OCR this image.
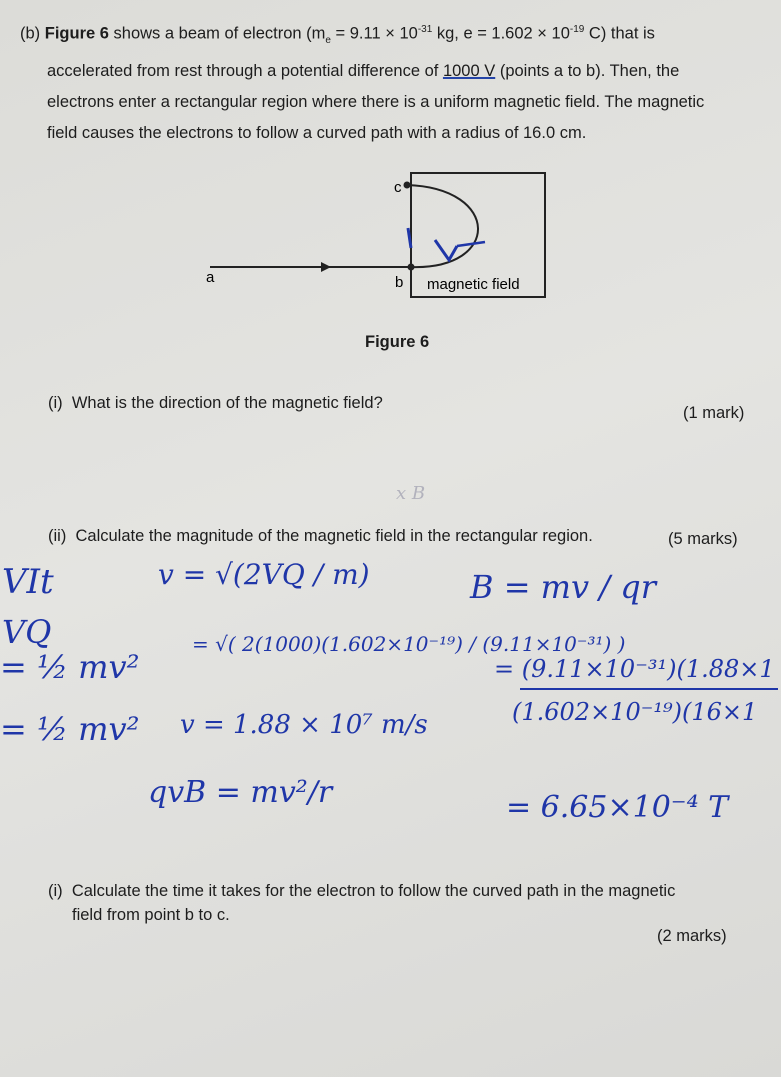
(b) Figure 6 shows a beam of electron ($m_e = 9.11 \times 10^{-31}$ kg, $e = 1.602 \times 10^{-19}$ C) that is
accelerated from rest through a potential difference of 1000 V (points a to b). Then, the
electrons enter a rectangular region where there is a uniform magnetic field. The magnetic
field causes the electrons to follow a curved path with a radius of 16.0 cm.
a	b
c
magnetic field
Figure 6
(i) What is the direction of the magnetic field?
(1 mark)
x B
(ii) Calculate the magnitude of the magnetic field in the rectangular region.	(5 marks)
VIt
VQ
= ½ mv²
= ½ mv²
v = √(2VQ / m)
= √( 2(1000)(1.602×10⁻¹⁹) / (9.11×10⁻³¹) )
v = 1.88 × 10⁷ m/s
qvB = mv²/r
B = mv / qr
= (9.11×10⁻³¹)(1.88×1
(1.602×10⁻¹⁹)(16×1
= 6.65×10⁻⁴ T
(i) Calculate the time it takes for the electron to follow the curved path in the magnetic
field from point b to c.
(2 marks)
